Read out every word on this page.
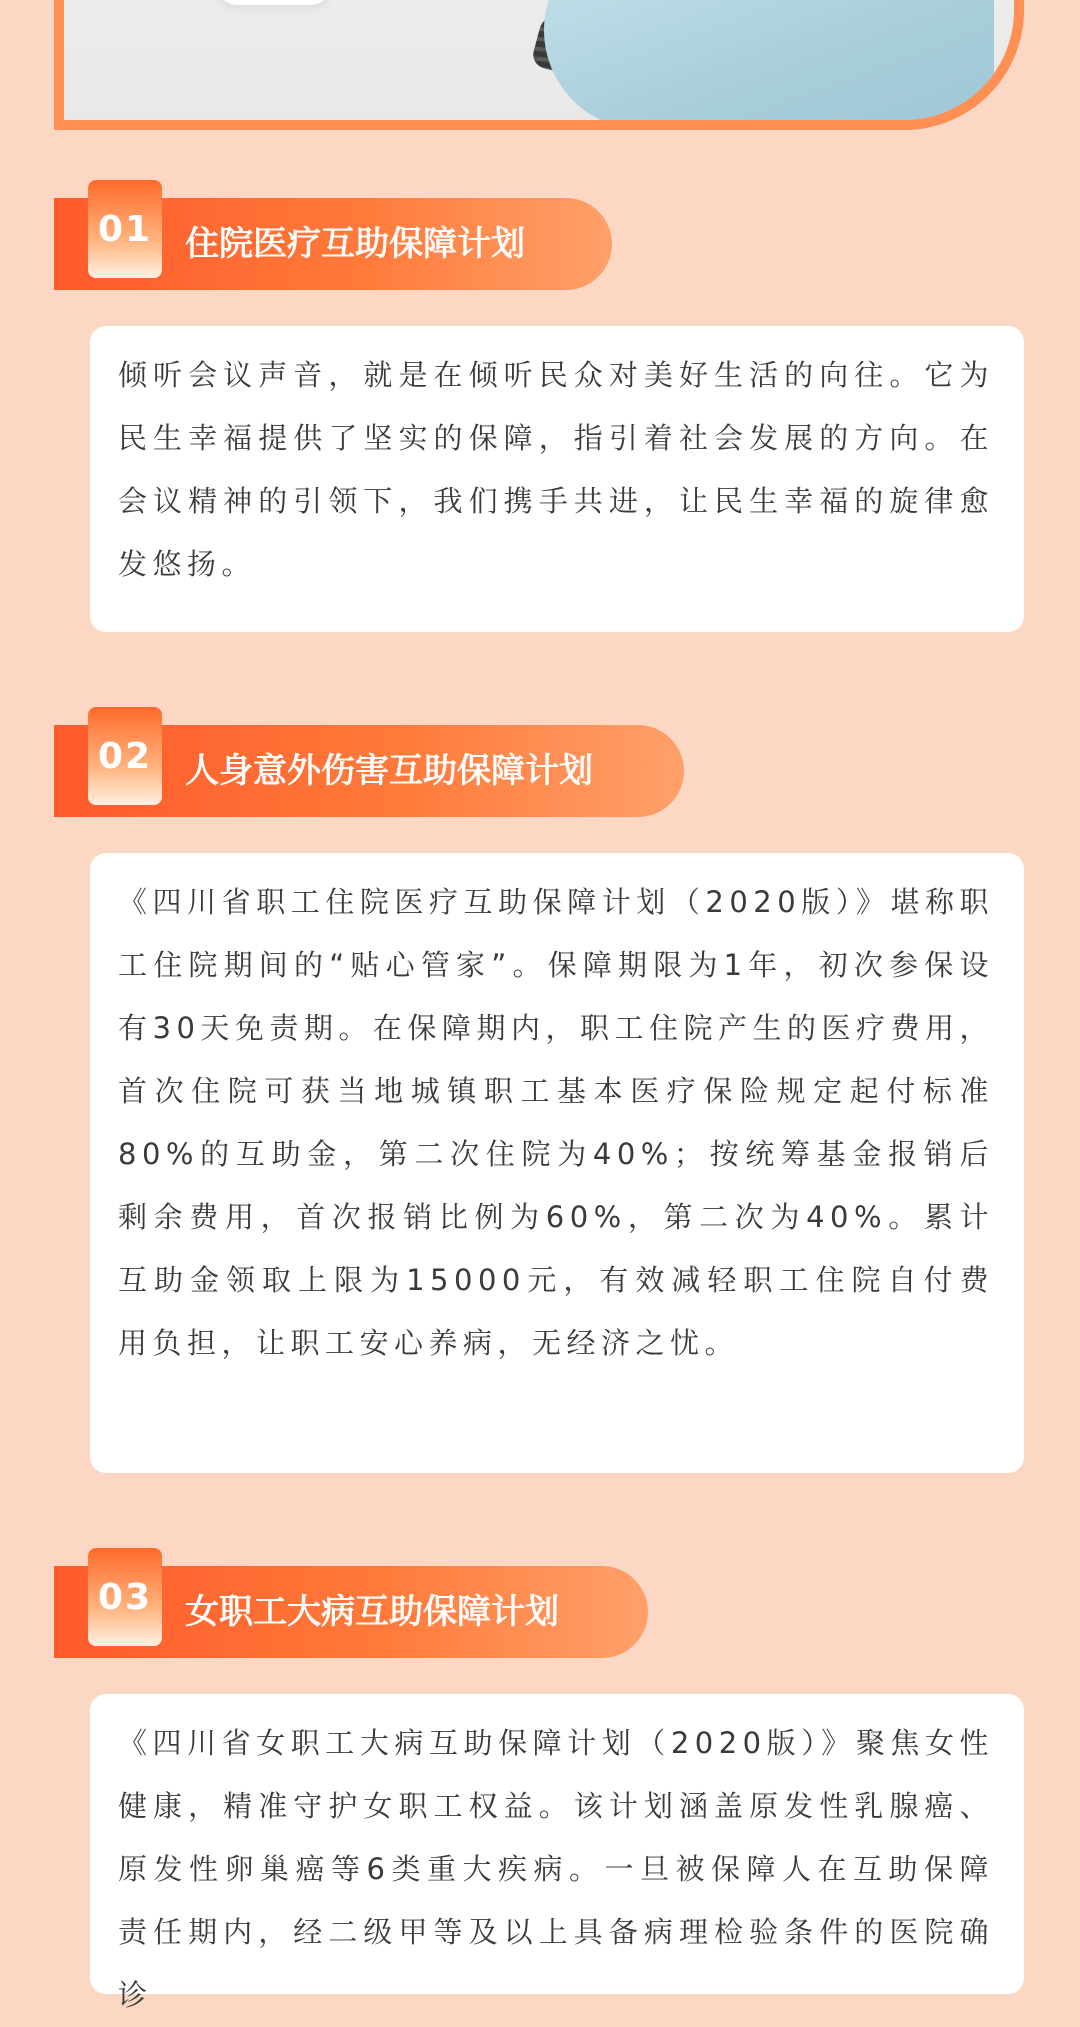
01 住院医疗互助保障计划

倾听会议声音，就是在倾听民众对美好生活的向往。它为民生幸福提供了坚实的保障，指引着社会发展的方向。在会议精神的引领下，我们携手共进，让民生幸福的旋律愈发悠扬。

02 人身意外伤害互助保障计划

《四川省职工住院医疗互助保障计划（2020版）》堪称职工住院期间的“贴心管家”。保障期限为1年，初次参保设有30天免责期。在保障期内，职工住院产生的医疗费用，首次住院可获当地城镇职工基本医疗保险规定起付标准80%的互助金，第二次住院为40%；按统筹基金报销后剩余费用，首次报销比例为60%，第二次为40%。累计互助金领取上限为15000元，有效减轻职工住院自付费用负担，让职工安心养病，无经济之忧。

03 女职工大病互助保障计划

《四川省女职工大病互助保障计划（2020版）》聚焦女性健康，精准守护女职工权益。该计划涵盖原发性乳腺癌、原发性卵巢癌等6类重大疾病。一旦被保障人在互助保障责任期内，经二级甲等及以上具备病理检验条件的医院确诊
